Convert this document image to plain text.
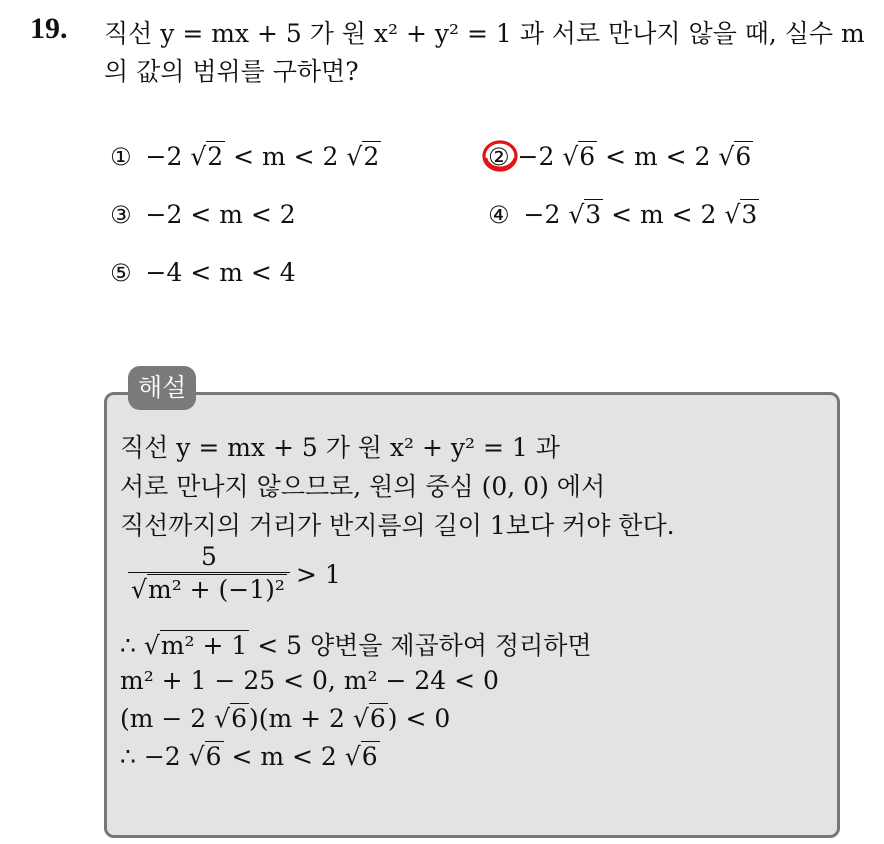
19. 직선 y = mx + 5 가 원 x² + y² = 1 과 서로 만나지 않을 때, 실수 m
의 값의 범위를 구하면?
① −2 √2 < m < 2 √2	② −2 √6 < m < 2 √6
③ −2 < m < 2	④ −2 √3 < m < 2 √3
⑤ −4 < m < 4
해설
직선 y = mx + 5 가 원 x² + y² = 1 과
서로 만나지 않으므로, 원의 중심 (0, 0) 에서
직선까지의 거리가 반지름의 길이 1보다 커야 한다.
5
√m² + (−1)²
> 1
∴ √m² + 1 < 5 양변을 제곱하여 정리하면
m² + 1 − 25 < 0, m² − 24 < 0
(m − 2 √6)(m + 2 √6) < 0
∴ −2 √6 < m < 2 √6
